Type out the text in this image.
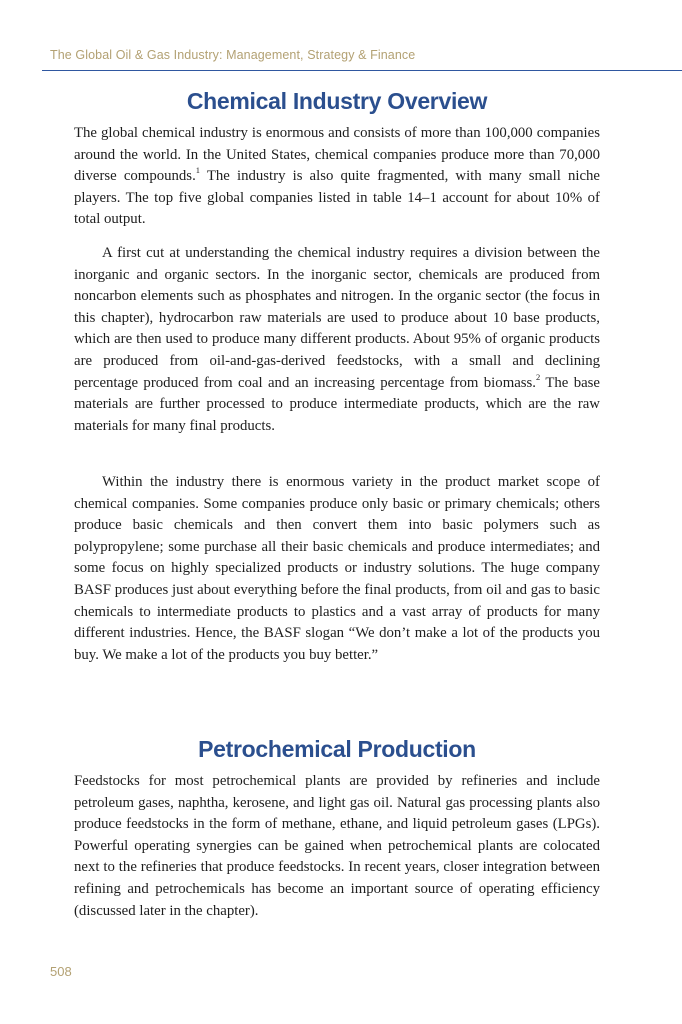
The Global Oil & Gas Industry: Management, Strategy & Finance
Chemical Industry Overview

The global chemical industry is enormous and consists of more than 100,000 companies around the world. In the United States, chemical companies produce more than 70,000 diverse compounds.$^1$ The industry is also quite fragmented, with many small niche players. The top five global companies listed in table 14–1 account for about 10% of total output.

A first cut at understanding the chemical industry requires a division between the inorganic and organic sectors. In the inorganic sector, chemicals are produced from noncarbon elements such as phosphates and nitrogen. In the organic sector (the focus in this chapter), hydrocarbon raw materials are used to produce about 10 base products, which are then used to produce many different products. About 95% of organic products are produced from oil-and-gas-derived feedstocks, with a small and declining percentage produced from coal and an increasing percentage from biomass.$^2$ The base materials are further processed to produce intermediate products, which are the raw materials for many final products.

Within the industry there is enormous variety in the product market scope of chemical companies. Some companies produce only basic or primary chemicals; others produce basic chemicals and then convert them into basic polymers such as polypropylene; some purchase all their basic chemicals and produce intermediates; and some focus on highly specialized products or industry solutions. The huge company BASF produces just about everything before the final products, from oil and gas to basic chemicals to intermediate products to plastics and a vast array of products for many different industries. Hence, the BASF slogan “We don’t make a lot of the products you buy. We make a lot of the products you buy better.”

Petrochemical Production

Feedstocks for most petrochemical plants are provided by refineries and include petroleum gases, naphtha, kerosene, and light gas oil. Natural gas processing plants also produce feedstocks in the form of methane, ethane, and liquid petroleum gases (LPGs). Powerful operating synergies can be gained when petrochemical plants are colocated next to the refineries that produce feedstocks. In recent years, closer integration between refining and petrochemicals has become an important source of operating efficiency (discussed later in the chapter).

508
